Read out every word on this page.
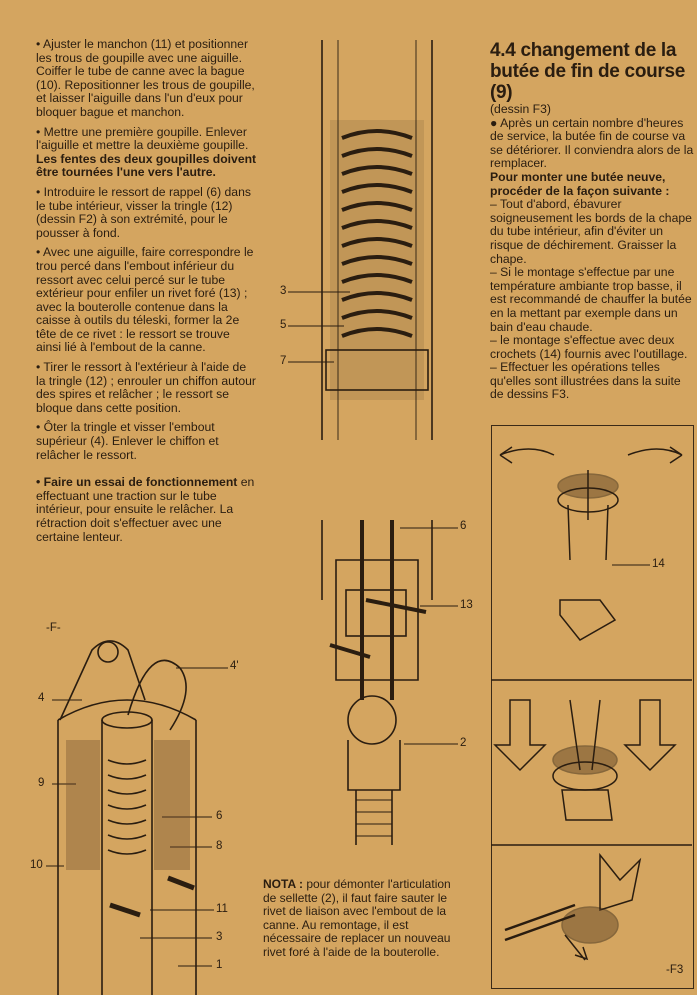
• Ajuster le manchon (11) et positionner les trous de goupille avec une aiguille. Coiffer le tube de canne avec la bague (10). Repositionner les trous de goupille, et laisser l'aiguille dans l'un d'eux pour bloquer bague et manchon.

• Mettre une première goupille. Enlever l'aiguille et mettre la deuxième goupille. Les fentes des deux goupilles doivent être tournées l'une vers l'autre.

• Introduire le ressort de rappel (6) dans le tube intérieur, visser la tringle (12) (dessin F2) à son extrémité, pour le pousser à fond.

• Avec une aiguille, faire correspondre le trou percé dans l'embout inférieur du ressort avec celui percé sur le tube extérieur pour enfiler un rivet foré (13) ; avec la bouterolle contenue dans la caisse à outils du téleski, former la 2e tête de ce rivet : le ressort se trouve ainsi lié à l'embout de la canne.

• Tirer le ressort à l'extérieur à l'aide de la tringle (12) ; enrouler un chiffon autour des spires et relâcher ; le ressort se bloque dans cette position.

• Ôter la tringle et visser l'embout supérieur (4). Enlever le chiffon et relâcher le ressort.

• Faire un essai de fonctionnement en effectuant une traction sur le tube intérieur, pour ensuite le relâcher. La rétraction doit s'effectuer avec une certaine lenteur.

4.4 changement de la butée de fin de course (9)

(dessin F3)

● Après un certain nombre d'heures de service, la butée fin de course va se détériorer. Il conviendra alors de la remplacer.

Pour monter une butée neuve, procéder de la façon suivante :

– Tout d'abord, ébavurer soigneusement les bords de la chape du tube intérieur, afin d'éviter un risque de déchirement. Graisser la chape.

– Si le montage s'effectue par une température ambiante trop basse, il est recommandé de chauffer la butée en la mettant par exemple dans un bain d'eau chaude.

– le montage s'effectue avec deux crochets (14) fournis avec l'outillage.

– Effectuer les opérations telles qu'elles sont illustrées dans la suite de dessins F3.

NOTA : pour démonter l'articulation de sellette (2), il faut faire sauter le rivet de liaison avec l'embout de la canne. Au remontage, il est nécessaire de replacer un nouveau rivet foré à l'aide de la bouterolle.
-F-
4
4'
9
6
8
10
11
3
1
3
5
7
6
13
2
14
-F3
